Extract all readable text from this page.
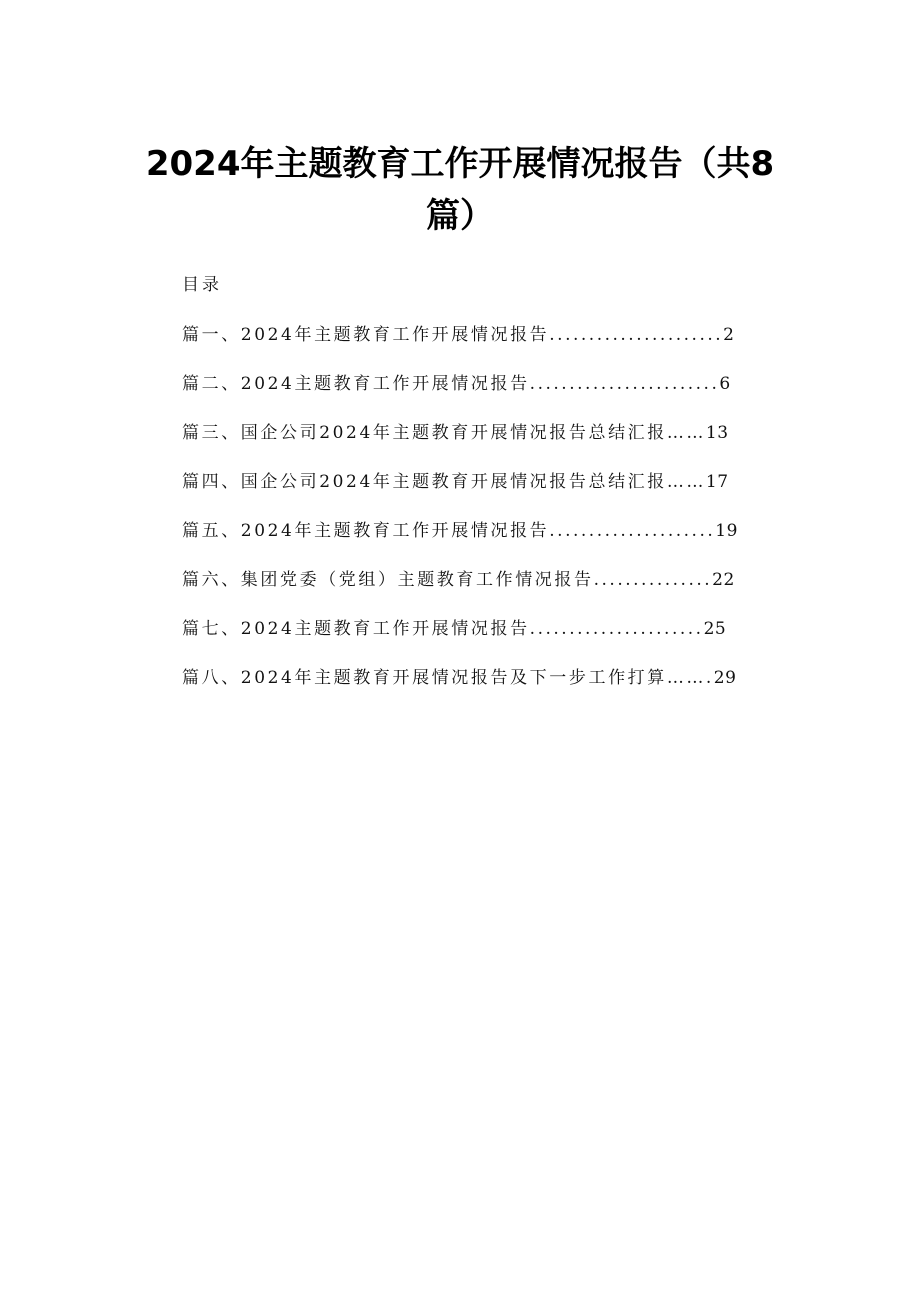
2024年主题教育工作开展情况报告（共8篇）
目录
篇一、2024年主题教育工作开展情况报告 ...................... 2
篇二、2024主题教育工作开展情况报告 ........................ 6
篇三、国企公司2024年主题教育开展情况报告总结汇报 …… 13
篇四、国企公司2024年主题教育开展情况报告总结汇报 …… 17
篇五、2024年主题教育工作开展情况报告 ..................... 19
篇六、集团党委（党组）主题教育工作情况报告 ............... 22
篇七、2024主题教育工作开展情况报告 ...................... 25
篇八、2024年主题教育开展情况报告及下一步工作打算 ……. 29
